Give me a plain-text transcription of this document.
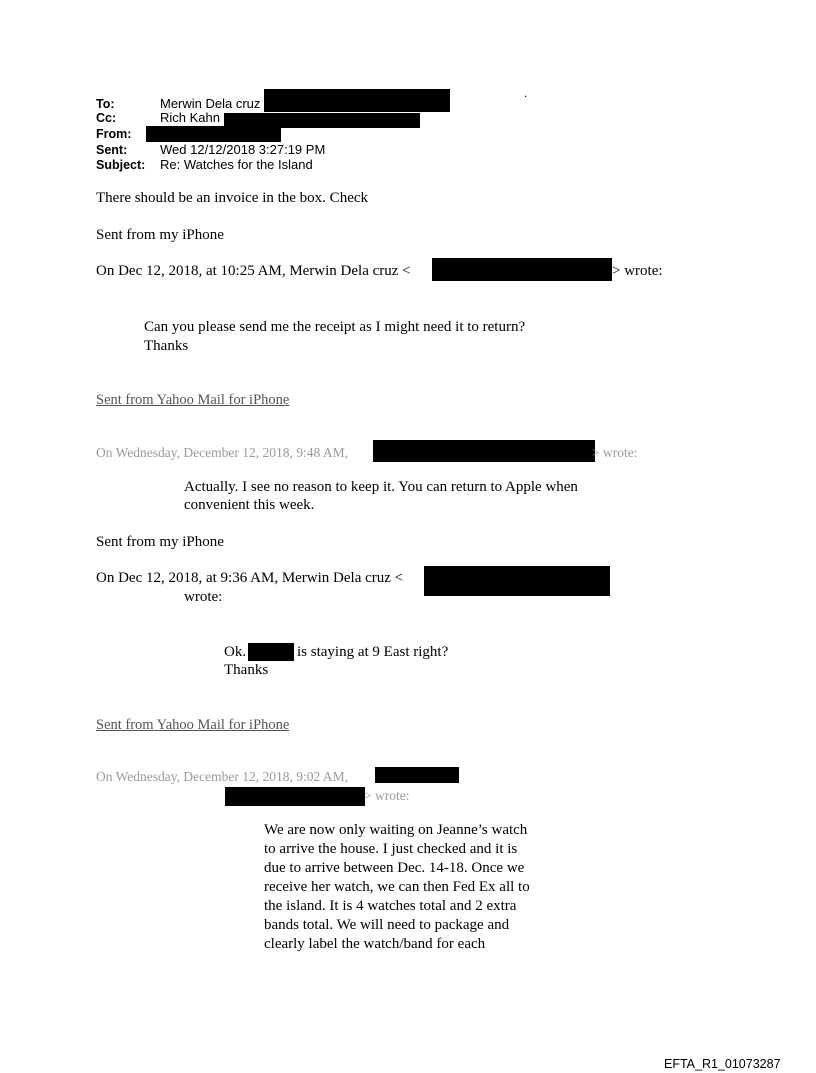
To:	Merwin Dela cruz
.
Cc:	Rich Kahn
From:
Sent:	Wed 12/12/2018 3:27:19 PM
Subject: Re: Watches for the Island
There should be an invoice in the box. Check
Sent from my iPhone
On Dec 12, 2018, at 10:25 AM, Merwin Dela cruz <	> wrote:
Can you please send me the receipt as I might need it to return?
Thanks
Sent from Yahoo Mail for iPhone
On Wednesday, December 12, 2018, 9:48 AM,	> wrote:
Actually. I see no reason to keep it. You can return to Apple when
convenient this week.
Sent from my iPhone
On Dec 12, 2018, at 9:36 AM, Merwin Dela cruz <
wrote:
Ok.	is staying at 9 East right?
Thanks
Sent from Yahoo Mail for iPhone
On Wednesday, December 12, 2018, 9:02 AM,
> wrote:
We are now only waiting on Jeanne’s watch
to arrive the house. I just checked and it is
due to arrive between Dec. 14-18. Once we
receive her watch, we can then Fed Ex all to
the island. It is 4 watches total and 2 extra
bands total. We will need to package and
clearly label the watch/band for each
EFTA_R1_01073287
